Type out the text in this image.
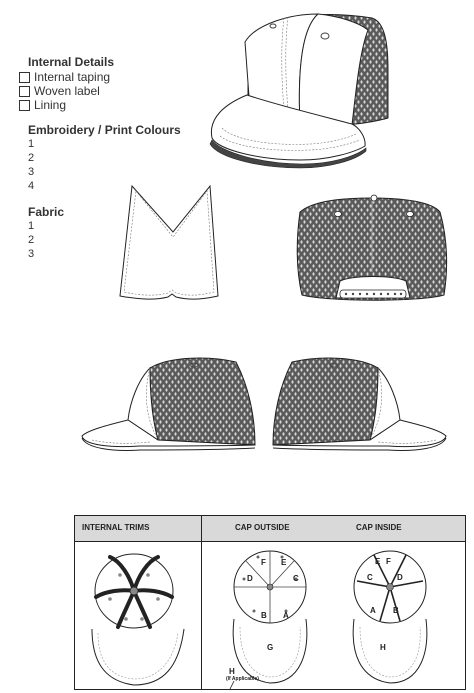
Internal Details
Internal taping
Woven label
Lining
Embroidery / Print Colours
1
2
3
4
Fabric
1
2
3
INTERNAL TRIMS	CAP OUTSIDE	CAP INSIDE
F E
D	C
B A
G
E F
C	D
A B
H
H
(If Applicable)
